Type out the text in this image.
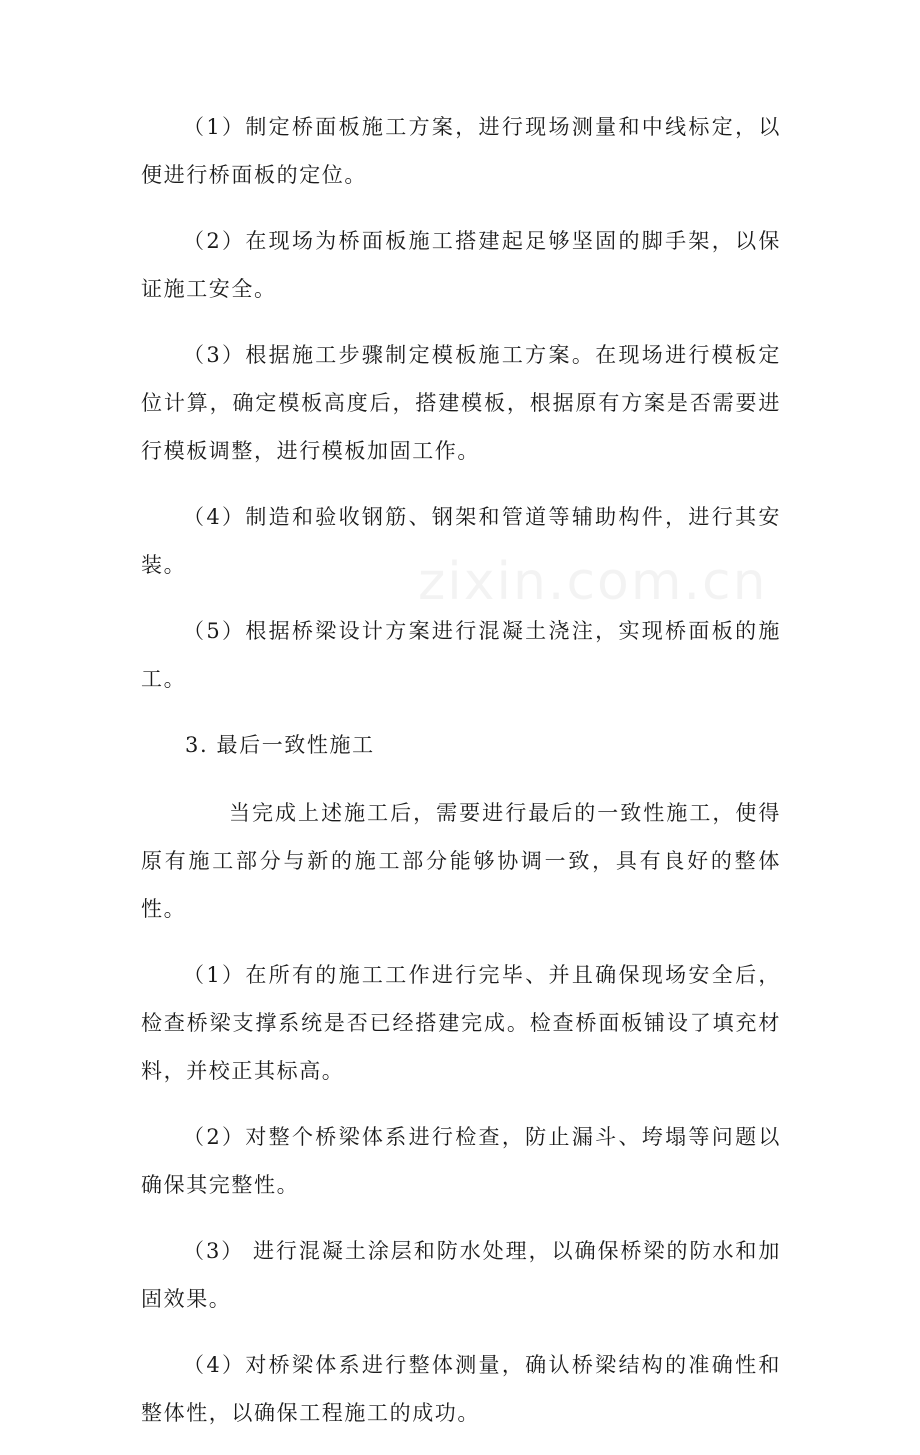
（1）制定桥面板施工方案，进行现场测量和中线标定，以便进行桥面板的定位。

（2）在现场为桥面板施工搭建起足够坚固的脚手架，以保证施工安全。

（3）根据施工步骤制定模板施工方案。在现场进行模板定位计算，确定模板高度后，搭建模板，根据原有方案是否需要进行模板调整，进行模板加固工作。

（4）制造和验收钢筋、钢架和管道等辅助构件，进行其安装。

（5）根据桥梁设计方案进行混凝土浇注，实现桥面板的施工。

3. 最后一致性施工

当完成上述施工后，需要进行最后的一致性施工，使得原有施工部分与新的施工部分能够协调一致，具有良好的整体性。

（1）在所有的施工工作进行完毕、并且确保现场安全后，检查桥梁支撑系统是否已经搭建完成。检查桥面板铺设了填充材料，并校正其标高。

（2）对整个桥梁体系进行检查，防止漏斗、垮塌等问题以确保其完整性。

（3） 进行混凝土涂层和防水处理，以确保桥梁的防水和加固效果。

（4）对桥梁体系进行整体测量，确认桥梁结构的准确性和整体性，以确保工程施工的成功。
